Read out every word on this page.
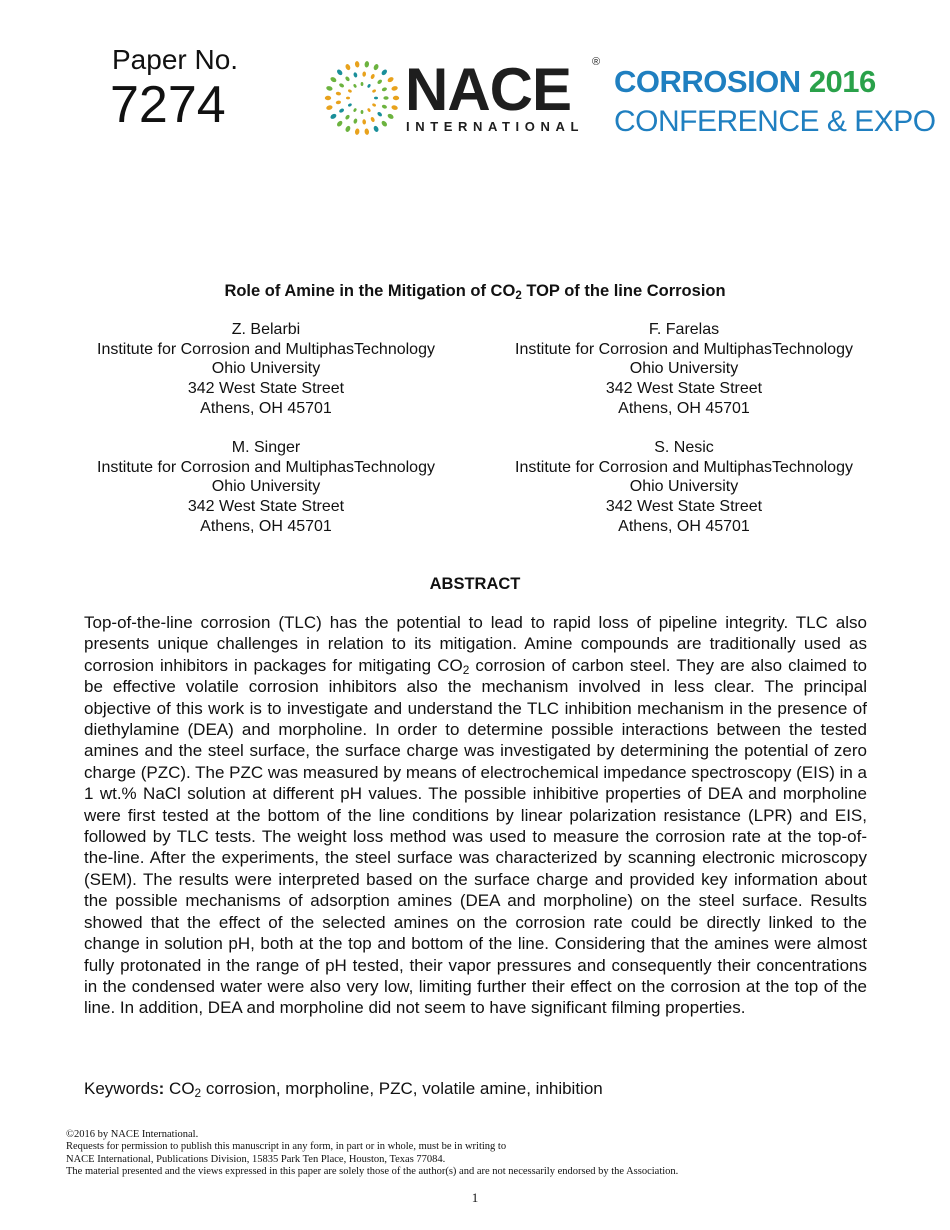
Paper No.
7274	NACE ®
INTERNATIONAL
CORROSION 2016
CONFERENCE & EXPO
Role of Amine in the Mitigation of $CO_2$ TOP of the line Corrosion
Z. Belarbi
Institute for Corrosion and MultiphasTechnology
Ohio University
342 West State Street
Athens, OH 45701
F. Farelas
Institute for Corrosion and MultiphasTechnology
Ohio University
342 West State Street
Athens, OH 45701
M. Singer
Institute for Corrosion and MultiphasTechnology
Ohio University
342 West State Street
Athens, OH 45701
S. Nesic
Institute for Corrosion and MultiphasTechnology
Ohio University
342 West State Street
Athens, OH 45701
ABSTRACT
Top-of-the-line corrosion (TLC) has the potential to lead to rapid loss of pipeline integrity. TLC also presents unique challenges in relation to its mitigation. Amine compounds are traditionally used as corrosion inhibitors in packages for mitigating $CO_2$ corrosion of carbon steel. They are also claimed to be effective volatile corrosion inhibitors also the mechanism involved in less clear. The principal objective of this work is to investigate and understand the TLC inhibition mechanism in the presence of diethylamine (DEA) and morpholine. In order to determine possible interactions between the tested amines and the steel surface, the surface charge was investigated by determining the potential of zero charge (PZC). The PZC was measured by means of electrochemical impedance spectroscopy (EIS) in a 1 wt.% NaCl solution at different pH values. The possible inhibitive properties of DEA and morpholine were first tested at the bottom of the line conditions by linear polarization resistance (LPR) and EIS, followed by TLC tests. The weight loss method was used to measure the corrosion rate at the top-of-the-line. After the experiments, the steel surface was characterized by scanning electronic microscopy (SEM). The results were interpreted based on the surface charge and provided key information about the possible mechanisms of adsorption amines (DEA and morpholine) on the steel surface. Results showed that the effect of the selected amines on the corrosion rate could be directly linked to the change in solution pH, both at the top and bottom of the line. Considering that the amines were almost fully protonated in the range of pH tested, their vapor pressures and consequently their concentrations in the condensed water were also very low, limiting further their effect on the corrosion at the top of the line. In addition, DEA and morpholine did not seem to have significant filming properties.
Keywords: $CO_2$ corrosion, morpholine, PZC, volatile amine, inhibition
©2016 by NACE International.
Requests for permission to publish this manuscript in any form, in part or in whole, must be in writing to
NACE International, Publications Division, 15835 Park Ten Place, Houston, Texas 77084.
The material presented and the views expressed in this paper are solely those of the author(s) and are not necessarily endorsed by the Association.
1
